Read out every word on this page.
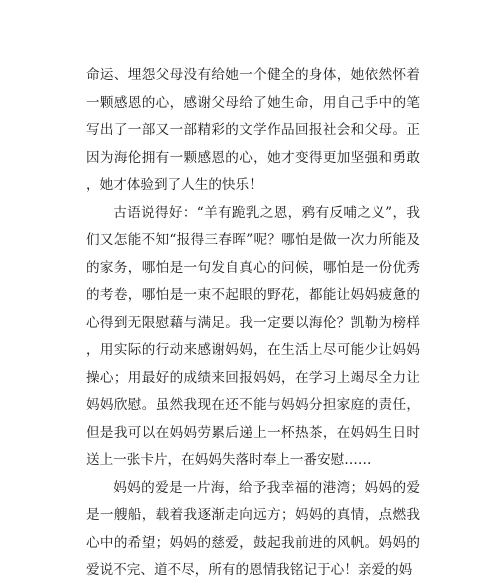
命运、埋怨父母没有给她一个健全的身体，她依然怀着一颗感恩的心，感谢父母给了她生命，用自己手中的笔写出了一部又一部精彩的文学作品回报社会和父母。正因为海伦拥有一颗感恩的心，她才变得更加坚强和勇敢，她才体验到了人生的快乐！

古语说得好：“羊有跪乳之恩，鸦有反哺之义”，我们又怎能不知“报得三春晖”呢？哪怕是做一次力所能及的家务，哪怕是一句发自真心的问候，哪怕是一份优秀的考卷，哪怕是一束不起眼的野花，都能让妈妈疲惫的心得到无限慰藉与满足。我一定要以海伦？凯勒为榜样，用实际的行动来感谢妈妈，在生活上尽可能少让妈妈操心；用最好的成绩来回报妈妈，在学习上竭尽全力让妈妈欣慰。虽然我现在还不能与妈妈分担家庭的责任，但是我可以在妈妈劳累后递上一杯热茶，在妈妈生日时送上一张卡片，在妈妈失落时奉上一番安慰……

妈妈的爱是一片海，给予我幸福的港湾；妈妈的爱是一艘船，载着我逐渐走向远方；妈妈的真情，点燃我心中的希望；妈妈的慈爱，鼓起我前进的风帆。妈妈的爱说不完、道不尽，所有的恩情我铭记于心！亲爱的妈
